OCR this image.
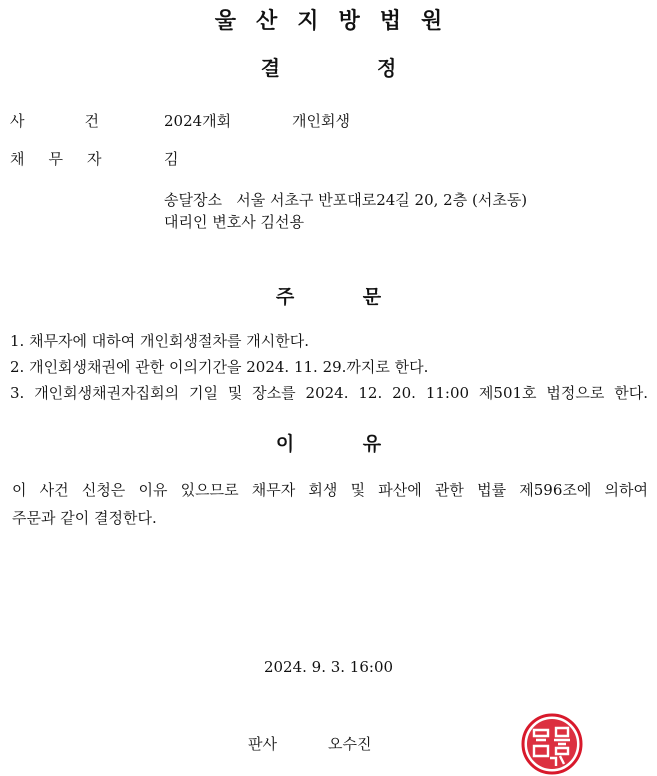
울산지방법원
결 정
사건 2024개회	개인회생
채무자	김
송달장소   서울 서초구 반포대로24길 20, 2층 (서초동)
대리인 변호사 김선용
주 문
1. 채무자에 대하여 개인회생절차를 개시한다.
2. 개인회생채권에 관한 이의기간을 2024. 11. 29.까지로 한다.
3. 개인회생채권자집회의 기일 및 장소를 2024. 12. 20. 11:00 제501호 법정으로 한다.
이 유
이 사건 신청은 이유 있으므로 채무자 회생 및 파산에 관한 법률 제596조에 의하여
주문과 같이 결정한다.
2024. 9. 3. 16:00
판사	오수진
